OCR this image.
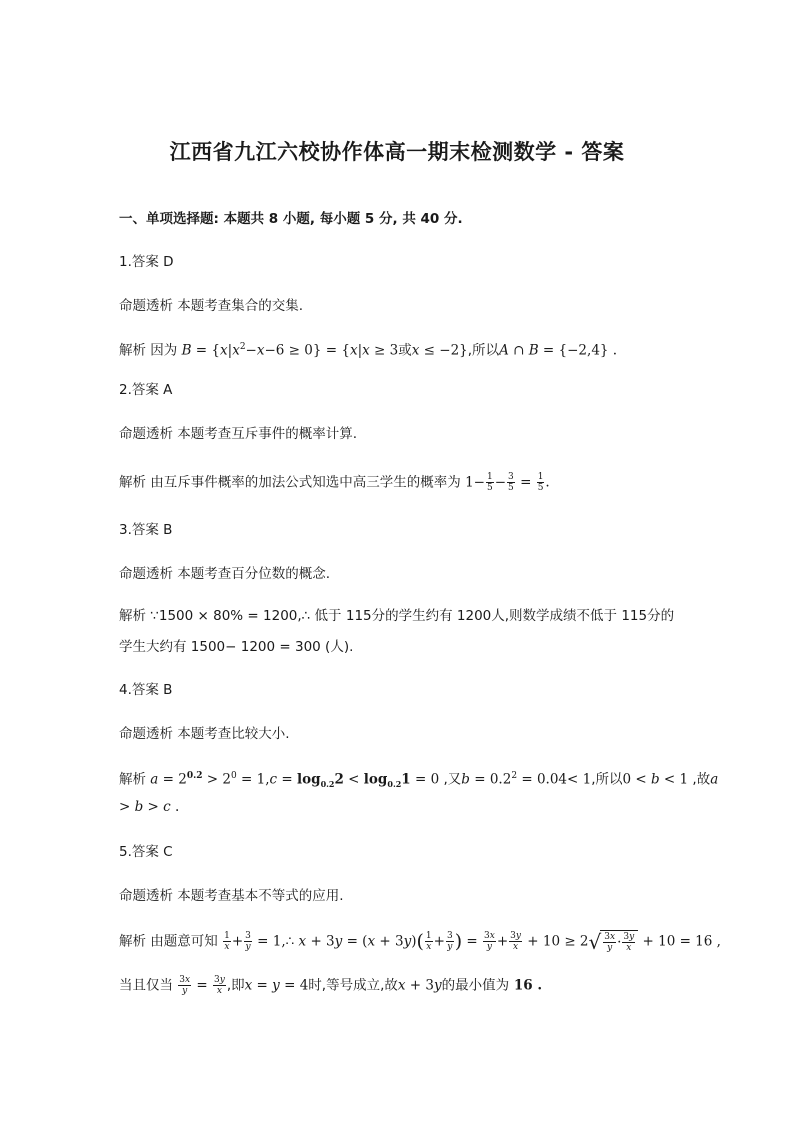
江西省九江六校协作体高一期末检测数学 - 答案
一、单项选择题: 本题共 8 小题, 每小题 5 分, 共 40 分.
1.答案 D
命题透析 本题考查集合的交集.
解析 因为 $B = \{x|x^2-x-6 \ge 0\} = \{x|x \ge 3$或x ≤ −2},所以A ∩ B = {−2,4} .
2.答案 A
命题透析 本题考查互斥事件的概率计算.
解析 由互斥事件概率的加法公式知选中高三学生的概率为 $1- \frac{1}{5} - \frac{3}{5} = \frac{1}{5}$ .
3.答案 B
命题透析 本题考查百分位数的概念.
解析 ∵1500 × 80% = 1200,∴ 低于 115分的学生约有 1200人,则数学成绩不低于 115分的
学生大约有 1500− 1200 = 300 (人).
4.答案 B
命题透析 本题考查比较大小.
解析 $a = 2^{0.2} > 2^0 = 1,c = \log_{0.2}2 < \log_{0.2}1 = 0$ ,又$b = 0.2^2 = 0.04< 1$,所以0 < b < 1 ,故a
> b > c .
5.答案 C
命题透析 本题考查基本不等式的应用.
解析 由题意可知 $\frac{1}{x} + \frac{3}{y}$ = 1,∴ $x + 3y = (x + 3y)( \frac{1}{x} + \frac{3}{y}$ ) = $\frac{3x}{y} + \frac{3y}{x} + 10 \ge 2√ \frac{3x}{y} \cdot \frac{3y}{x} + 10 = 16$ ,
当且仅当 $\frac{3x}{y} = \frac{3y}{x}$ ,即x = y = 4时,等号成立,故x + 3y的最小值为 16 .
